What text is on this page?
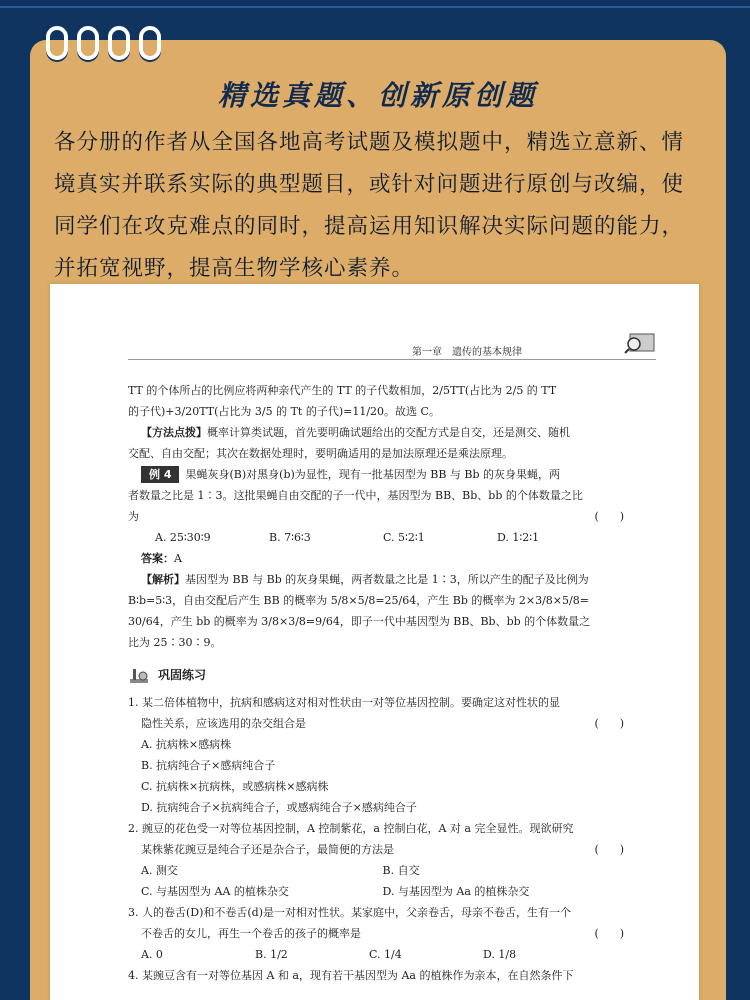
精选真题、创新原创题
各分册的作者从全国各地高考试题及模拟题中，精选立意新、情境真实并联系实际的典型题目，或针对问题进行原创与改编，使同学们在攻克难点的同时，提高运用知识解决实际问题的能力，并拓宽视野，提高生物学核心素养。
第一章 遗传的基本规律

TT 的个体所占的比例应将两种亲代产生的 TT 的子代数相加，2/5TT(占比为 2/5 的 TT

的子代)+3/20TT(占比为 3/5 的 Tt 的子代)=11/20。故选 C。

【方法点拨】概率计算类试题，首先要明确试题给出的交配方式是自交，还是测交、随机

交配、自由交配；其次在数据处理时，要明确适用的是加法原理还是乘法原理。

例 4 果蝇灰身(B)对黑身(b)为显性，现有一批基因型为 BB 与 Bb 的灰身果蝇，两

者数量之比是 1∶3。这批果蝇自由交配的子一代中，基因型为 BB、Bb、bb 的个体数量之比

为	(      )
A. 25∶30∶9	B. 7∶6∶3	C. 5∶2∶1	D. 1∶2∶1

答案：A

【解析】基因型为 BB 与 Bb 的灰身果蝇，两者数量之比是 1∶3，所以产生的配子及比例为

B∶b=5∶3，自由交配后产生 BB 的概率为 5/8×5/8=25/64，产生 Bb 的概率为 2×3/8×5/8=

30/64，产生 bb 的概率为 3/8×3/8=9/64，即子一代中基因型为 BB、Bb、bb 的个体数量之

比为 25∶30∶9。

巩固练习

1. 某二倍体植物中，抗病和感病这对相对性状由一对等位基因控制。要确定这对性状的显

隐性关系，应该选用的杂交组合是	(      )

A. 抗病株×感病株

B. 抗病纯合子×感病纯合子

C. 抗病株×抗病株，或感病株×感病株

D. 抗病纯合子×抗病纯合子，或感病纯合子×感病纯合子

2. 豌豆的花色受一对等位基因控制，A 控制紫花，a 控制白花，A 对 a 完全显性。现欲研究

某株紫花豌豆是纯合子还是杂合子，最简便的方法是	(      )
A. 测交	B. 自交
C. 与基因型为 AA 的植株杂交	D. 与基因型为 Aa 的植株杂交

3. 人的卷舌(D)和不卷舌(d)是一对相对性状。某家庭中，父亲卷舌，母亲不卷舌，生有一个

不卷舌的女儿，再生一个卷舌的孩子的概率是	(      )
A. 0	B. 1/2	C. 1/4	D. 1/8

4. 某豌豆含有一对等位基因 A 和 a，现有若干基因型为 Aa 的植株作为亲本，在自然条件下
